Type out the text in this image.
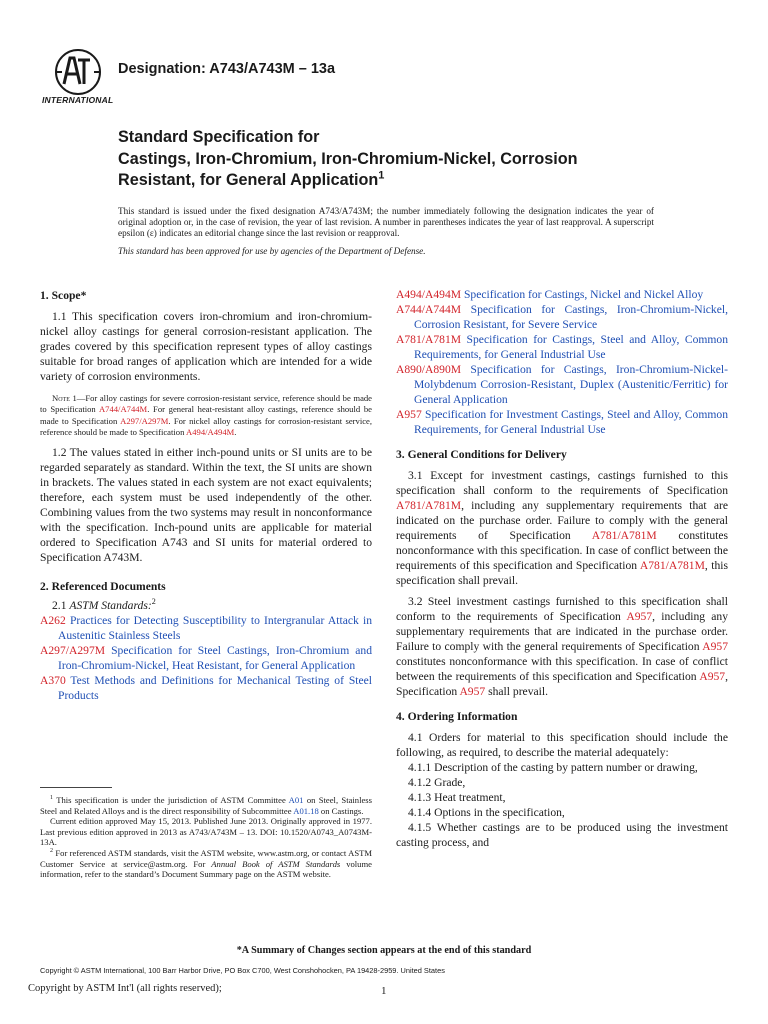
INTERNATIONAL
Designation: A743/A743M – 13a
Standard Specification for
Castings, Iron-Chromium, Iron-Chromium-Nickel, Corrosion
Resistant, for General Application$^1$
This standard is issued under the fixed designation A743/A743M; the number immediately following the designation indicates the year of original adoption or, in the case of revision, the year of last revision. A number in parentheses indicates the year of last reapproval. A superscript epsilon (ε) indicates an editorial change since the last revision or reapproval.
This standard has been approved for use by agencies of the Department of Defense.
1. Scope*
1.1 This specification covers iron-chromium and iron-chromium-nickel alloy castings for general corrosion-resistant application. The grades covered by this specification represent types of alloy castings suitable for broad ranges of application which are intended for a wide variety of corrosion environments.
Note 1—For alloy castings for severe corrosion-resistant service, reference should be made to Specification A744/A744M. For general heat-resistant alloy castings, reference should be made to Specification A297/A297M. For nickel alloy castings for corrosion-resistant service, reference should be made to Specification A494/A494M.
1.2 The values stated in either inch-pound units or SI units are to be regarded separately as standard. Within the text, the SI units are shown in brackets. The values stated in each system are not exact equivalents; therefore, each system must be used independently of the other. Combining values from the two systems may result in nonconformance with the specification. Inch-pound units are applicable for material ordered to Specification A743 and SI units for material ordered to Specification A743M.
2. Referenced Documents
2.1 ASTM Standards:$^2$
A262 Practices for Detecting Susceptibility to Intergranular Attack in Austenitic Stainless Steels
A297/A297M Specification for Steel Castings, Iron-Chromium and Iron-Chromium-Nickel, Heat Resistant, for General Application
A370 Test Methods and Definitions for Mechanical Testing of Steel Products
$^1$ This specification is under the jurisdiction of ASTM Committee A01 on Steel, Stainless Steel and Related Alloys and is the direct responsibility of Subcommittee A01.18 on Castings.
Current edition approved May 15, 2013. Published June 2013. Originally approved in 1977. Last previous edition approved in 2013 as A743/A743M – 13. DOI: 10.1520/A0743_A0743M-13A.
$^2$ For referenced ASTM standards, visit the ASTM website, www.astm.org, or contact ASTM Customer Service at service@astm.org. For Annual Book of ASTM Standards volume information, refer to the standard’s Document Summary page on the ASTM website.
A494/A494M Specification for Castings, Nickel and Nickel Alloy
A744/A744M Specification for Castings, Iron-Chromium-Nickel, Corrosion Resistant, for Severe Service
A781/A781M Specification for Castings, Steel and Alloy, Common Requirements, for General Industrial Use
A890/A890M Specification for Castings, Iron-Chromium-Nickel-Molybdenum Corrosion-Resistant, Duplex (Austenitic/Ferritic) for General Application
A957 Specification for Investment Castings, Steel and Alloy, Common Requirements, for General Industrial Use
3. General Conditions for Delivery
3.1 Except for investment castings, castings furnished to this specification shall conform to the requirements of Specification A781/A781M, including any supplementary requirements that are indicated on the purchase order. Failure to comply with the general requirements of Specification A781/A781M constitutes nonconformance with this specification. In case of conflict between the requirements of this specification and Specification A781/A781M, this specification shall prevail.
3.2 Steel investment castings furnished to this specification shall conform to the requirements of Specification A957, including any supplementary requirements that are indicated in the purchase order. Failure to comply with the general requirements of Specification A957 constitutes nonconformance with this specification. In case of conflict between the requirements of this specification and Specification A957, Specification A957 shall prevail.
4. Ordering Information
4.1 Orders for material to this specification should include the following, as required, to describe the material adequately:
4.1.1 Description of the casting by pattern number or drawing,
4.1.2 Grade,
4.1.3 Heat treatment,
4.1.4 Options in the specification,
4.1.5 Whether castings are to be produced using the investment casting process, and
*A Summary of Changes section appears at the end of this standard
Copyright © ASTM International, 100 Barr Harbor Drive, PO Box C700, West Conshohocken, PA 19428-2959. United States
Copyright by ASTM Int'l (all rights reserved);	1
